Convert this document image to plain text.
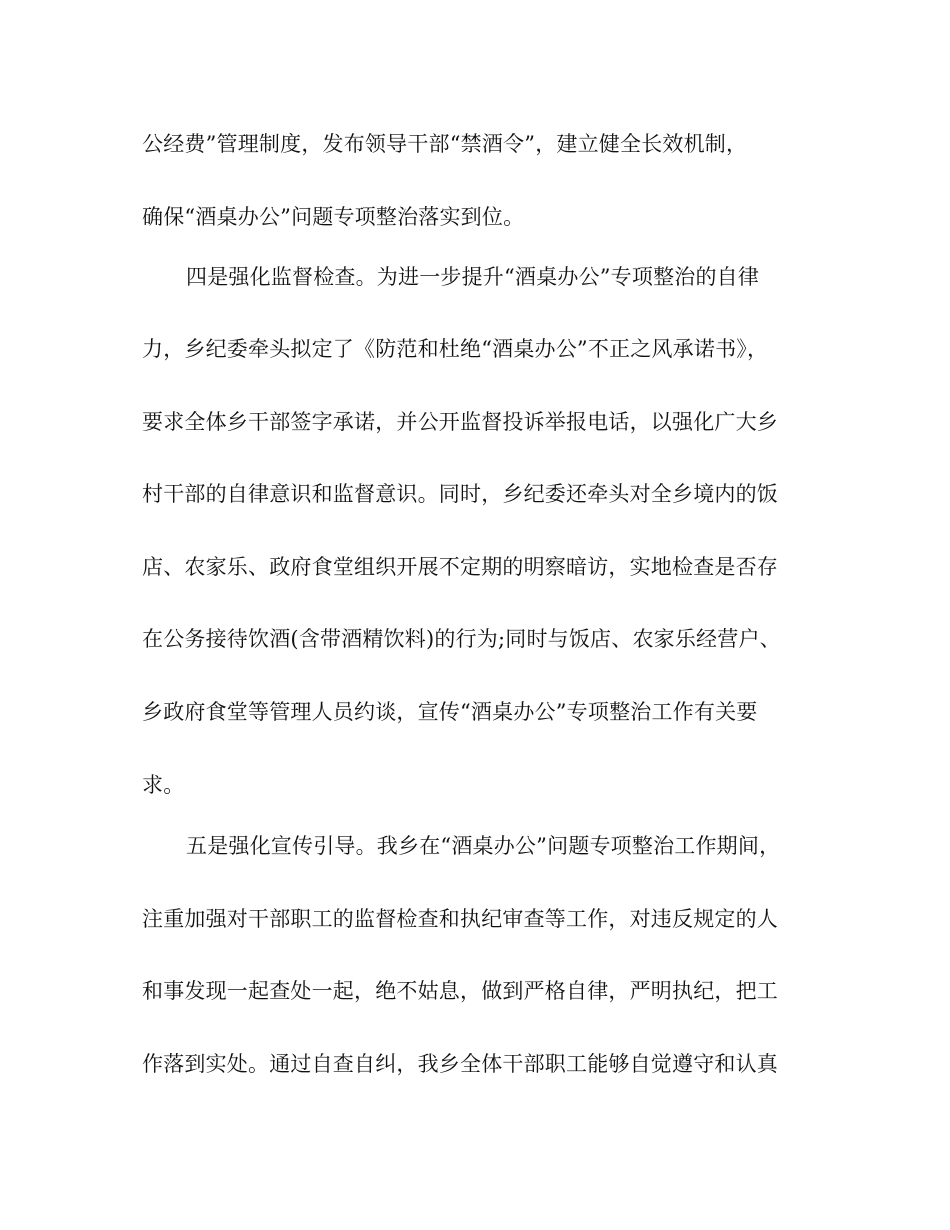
公经费”管理制度，发布领导干部“禁酒令”，建立健全长效机制，
确保“酒桌办公”问题专项整治落实到位。
四是强化监督检查。为进一步提升“酒桌办公”专项整治的自律
力，乡纪委牵头拟定了《防范和杜绝“酒桌办公”不正之风承诺书》，
要求全体乡干部签字承诺，并公开监督投诉举报电话，以强化广大乡
村干部的自律意识和监督意识。同时，乡纪委还牵头对全乡境内的饭
店、农家乐、政府食堂组织开展不定期的明察暗访，实地检查是否存
在公务接待饮酒(含带酒精饮料)的行为;同时与饭店、农家乐经营户、
乡政府食堂等管理人员约谈，宣传“酒桌办公”专项整治工作有关要
求。
五是强化宣传引导。我乡在“酒桌办公”问题专项整治工作期间，
注重加强对干部职工的监督检查和执纪审查等工作，对违反规定的人
和事发现一起查处一起，绝不姑息，做到严格自律，严明执纪，把工
作落到实处。通过自查自纠，我乡全体干部职工能够自觉遵守和认真
